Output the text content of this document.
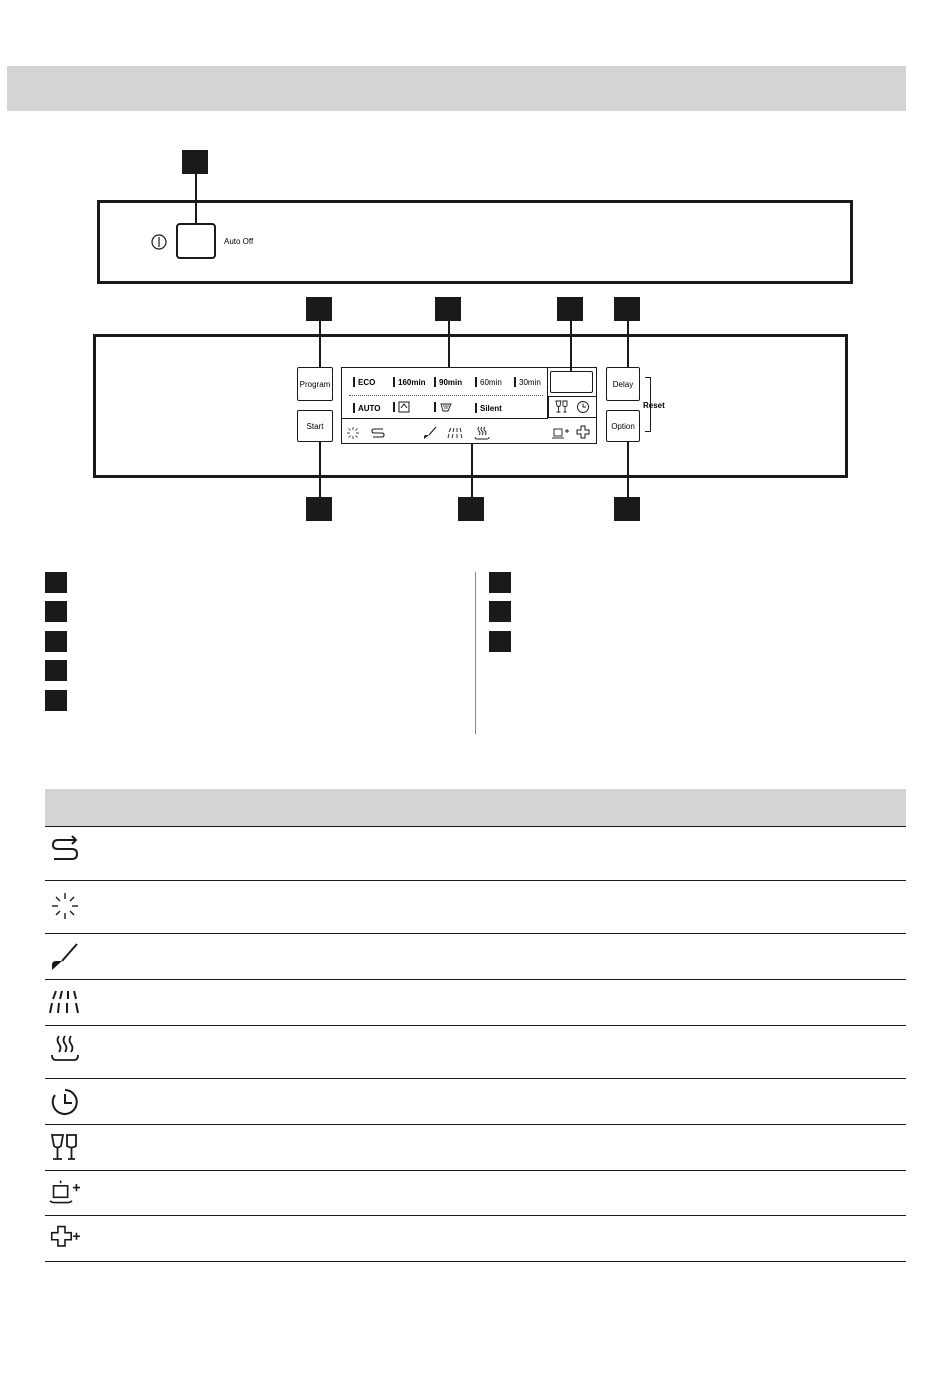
Auto Off
Program
Start
Delay
Option
Reset
ECO	160min 90min 60min 30min
AUTO	Silent
